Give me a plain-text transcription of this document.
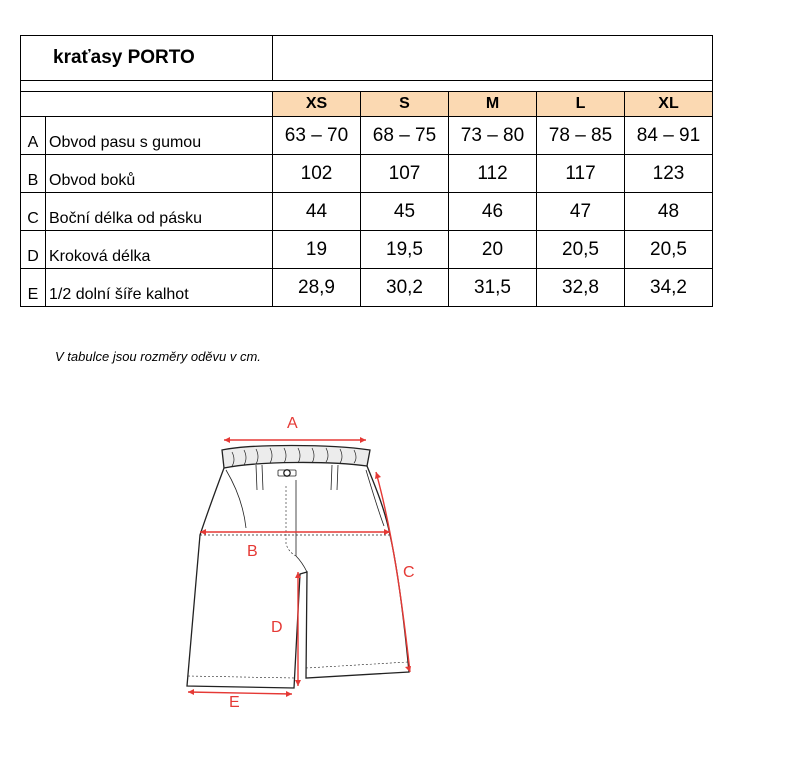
kraťasy PORTO						

		XS	S	M	L	XL
A	Obvod pasu s gumou	63 – 70	68 – 75	73 – 80	78 – 85	84 – 91
B	Obvod boků	102	107	112	117	123
C	Boční délka od pásku	44	45	46	47	48
D	Kroková délka	19	19,5	20	20,5	20,5
E	1/2 dolní šíře kalhot	28,9	30,2	31,5	32,8	34,2
V tabulce jsou rozměry oděvu v cm.
A
B
C
D
E
